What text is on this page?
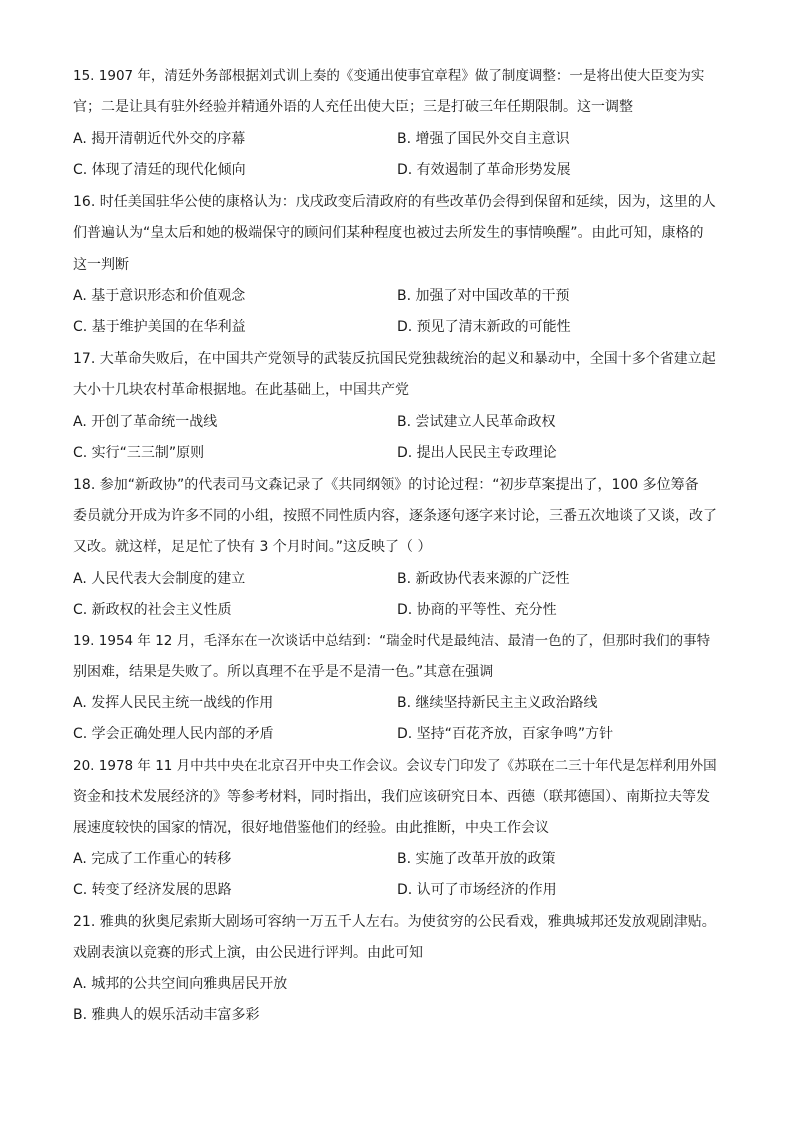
15. 1907 年，清廷外务部根据刘式训上奏的《变通出使事宜章程》做了制度调整：一是将出使大臣变为实
官；二是让具有驻外经验并精通外语的人充任出使大臣；三是打破三年任期限制。这一调整
A. 揭开清朝近代外交的序幕	B. 增强了国民外交自主意识
C. 体现了清廷的现代化倾向	D. 有效遏制了革命形势发展
16. 时任美国驻华公使的康格认为：戊戌政变后清政府的有些改革仍会得到保留和延续，因为，这里的人
们普遍认为“皇太后和她的极端保守的顾问们某种程度也被过去所发生的事情唤醒”。由此可知，康格的
这一判断
A. 基于意识形态和价值观念	B. 加强了对中国改革的干预
C. 基于维护美国的在华利益	D. 预见了清末新政的可能性
17. 大革命失败后，在中国共产党领导的武装反抗国民党独裁统治的起义和暴动中，全国十多个省建立起
大小十几块农村革命根据地。在此基础上，中国共产党
A. 开创了革命统一战线	B. 尝试建立人民革命政权
C. 实行“三三制”原则	D. 提出人民民主专政理论
18. 参加“新政协”的代表司马文森记录了《共同纲领》的讨论过程：“初步草案提出了，100 多位筹备
委员就分开成为许多不同的小组，按照不同性质内容，逐条逐句逐字来讨论，三番五次地谈了又谈，改了
又改。就这样，足足忙了快有 3 个月时间。”这反映了（ ）
A. 人民代表大会制度的建立	B. 新政协代表来源的广泛性
C. 新政权的社会主义性质	D. 协商的平等性、充分性
19. 1954 年 12 月，毛泽东在一次谈话中总结到：“瑞金时代是最纯洁、最清一色的了，但那时我们的事特
别困难，结果是失败了。所以真理不在乎是不是清一色。”其意在强调
A. 发挥人民民主统一战线的作用	B. 继续坚持新民主主义政治路线
C. 学会正确处理人民内部的矛盾	D. 坚持“百花齐放，百家争鸣”方针
20. 1978 年 11 月中共中央在北京召开中央工作会议。会议专门印发了《苏联在二三十年代是怎样利用外国
资金和技术发展经济的》等参考材料，同时指出，我们应该研究日本、西德（联邦德国）、南斯拉夫等发
展速度较快的国家的情况，很好地借鉴他们的经验。由此推断，中央工作会议
A. 完成了工作重心的转移	B. 实施了改革开放的政策
C. 转变了经济发展的思路	D. 认可了市场经济的作用
21. 雅典的狄奥尼索斯大剧场可容纳一万五千人左右。为使贫穷的公民看戏，雅典城邦还发放观剧津贴。
戏剧表演以竞赛的形式上演，由公民进行评判。由此可知
A. 城邦的公共空间向雅典居民开放
B. 雅典人的娱乐活动丰富多彩
